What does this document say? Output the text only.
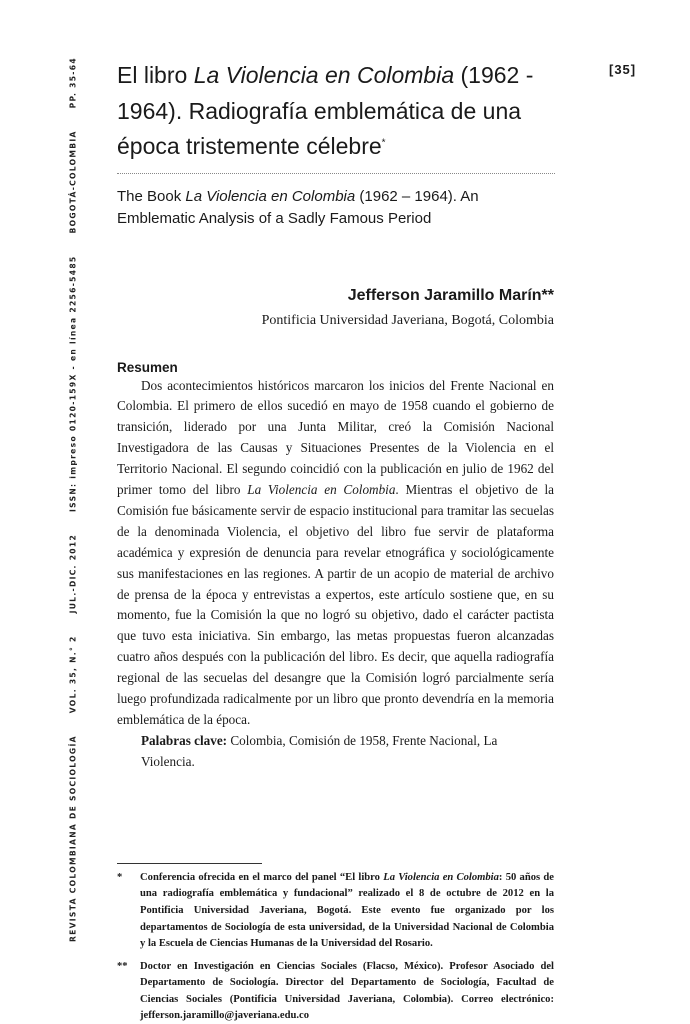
REVISTA COLOMBIANA DE SOCIOLOGÍA
VOL. 35, N.° 2
JUL.-DIC. 2012
ISSN: impreso 0120-159X - en línea 2256-5485
BOGOTÁ-COLOMBIA
PP. 35-64	[35]
El libro La Violencia en Colombia (1962 - 1964). Radiografía emblemática de una época tristemente célebre*
The Book La Violencia en Colombia (1962 – 1964). An Emblematic Analysis of a Sadly Famous Period
Jefferson Jaramillo Marín**
Pontificia Universidad Javeriana, Bogotá, Colombia
Resumen

Dos acontecimientos históricos marcaron los inicios del Frente Nacional en Colombia. El primero de ellos sucedió en mayo de 1958 cuando el gobierno de transición, liderado por una Junta Militar, creó la Comisión Nacional Investigadora de las Causas y Situaciones Presentes de la Violencia en el Territorio Nacional. El segundo coincidió con la publicación en julio de 1962 del primer tomo del libro La Violencia en Colombia. Mientras el objetivo de la Comisión fue básicamente servir de espacio institucional para tramitar las secuelas de la denominada Violencia, el objetivo del libro fue servir de plataforma académica y expresión de denuncia para revelar etnográfica y sociológicamente sus manifestaciones en las regiones. A partir de un acopio de material de archivo de prensa de la época y entrevistas a expertos, este artículo sostiene que, en su momento, fue la Comisión la que no logró su objetivo, dado el carácter pactista que tuvo esta iniciativa. Sin embargo, las metas propuestas fueron alcanzadas cuatro años después con la publicación del libro. Es decir, que aquella radiografía regional de las secuelas del desangre que la Comisión logró parcialmente sería luego profundizada radicalmente por un libro que pronto devendría en la memoria emblemática de la época.

Palabras clave: Colombia, Comisión de 1958, Frente Nacional, La Violencia.
*	Conferencia ofrecida en el marco del panel “El libro La Violencia en Colombia: 50 años de una radiografía emblemática y fundacional” realizado el 8 de octubre de 2012 en la Pontificia Universidad Javeriana, Bogotá. Este evento fue organizado por los departamentos de Sociología de esta universidad, de la Universidad Nacional de Colombia y la Escuela de Ciencias Humanas de la Universidad del Rosario.
**	Doctor en Investigación en Ciencias Sociales (Flacso, México). Profesor Asociado del Departamento de Sociología. Director del Departamento de Sociología, Facultad de Ciencias Sociales (Pontificia Universidad Javeriana, Colombia). Correo electrónico: jefferson.jaramillo@javeriana.edu.co
